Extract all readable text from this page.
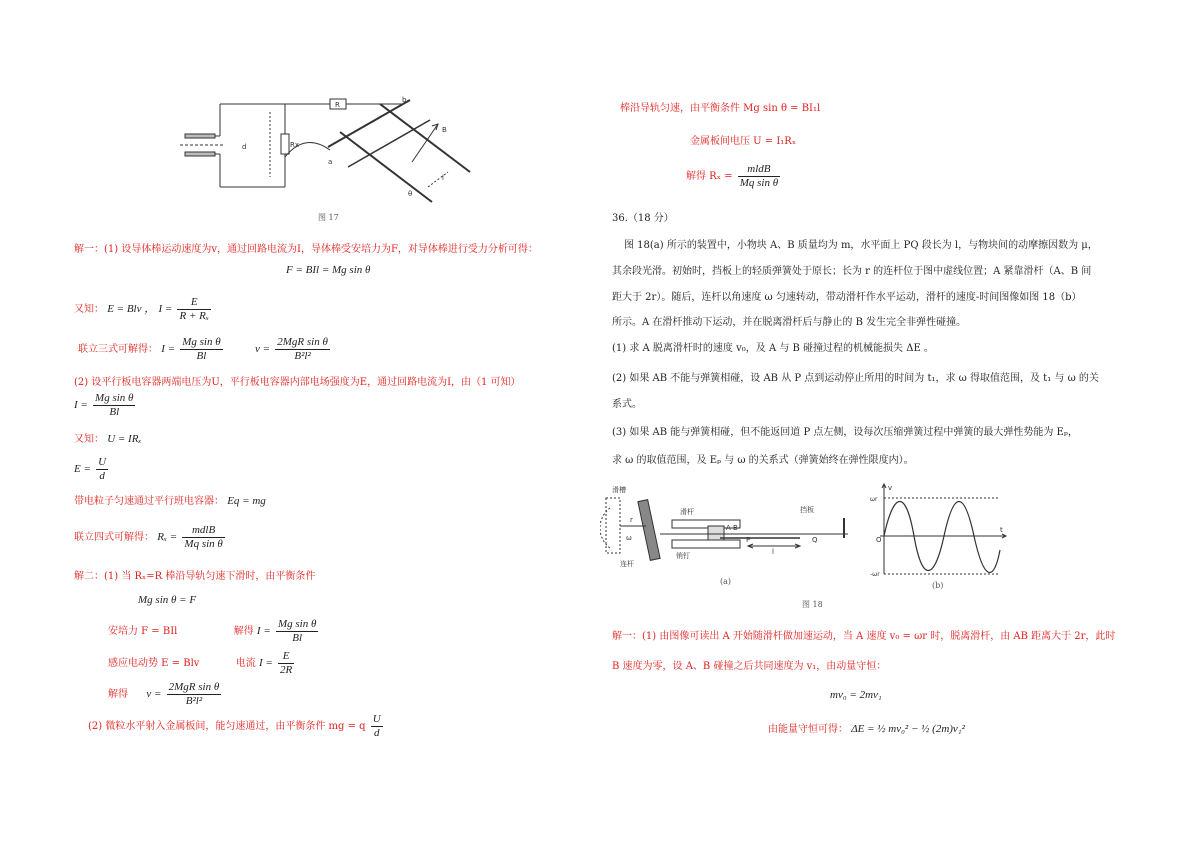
R
Rx
d
B
l
θ
b
a
图 17
解一：(1) 设导体棒运动速度为v，通过回路电流为I，导体棒受安培力为F，对导体棒进行受力分析可得：
F = BIl = Mg sin θ
又知： E = Blv ， $I = \frac{E}{\text{R + Rₓ}}$
联立三式可解得： $I = \frac{\text{Mg sin θ}}{Bl}$	$v = \frac{\text{2MgR sin θ}}{\text{B²l²}}$
(2) 设平行板电容器两端电压为U，平行板电容器内部电场强度为E，通过回路电流为I，由（1 可知）
$I = \frac{\text{Mg sin θ}}{Bl}$
又知： U = IRₓ
$E = \frac{U}{d}$
带电粒子匀速通过平行班电容器： Eq = mg
联立四式可解得： $R_x = \frac{\text{mdlB}}{\text{Mq sin θ}}$
解二：(1) 当 Rₓ=R 棒沿导轨匀速下滑时，由平衡条件
Mg sin θ = F
安培力 F = BIl	解得 $I = \frac{\text{Mg sin θ}}{Bl}$
感应电动势 E = Blv	电流 $I = \frac{E}{2R}$
解得 $v = \frac{\text{2MgR sin θ}}{\text{B²l²}}$
(2) 微粒水平射入金属板间，能匀速通过，由平衡条件 mg = q $\frac{U}{d}$
棒沿导轨匀速，由平衡条件 Mg sin θ = BI₁l
金属板间电压 U = I₁Rₓ
解得 $R_x = \frac{\text{mldB}}{\text{Mq sin θ}}$
36.（18 分）
图 18(a) 所示的装置中，小物块 A、B 质量均为 m，水平面上 PQ 段长为 l，与物块间的动摩擦因数为 μ，
其余段光滑。初始时，挡板上的轻质弹簧处于原长；长为 r 的连杆位于图中虚线位置；A 紧靠滑杆（A、B 间
距大于 2r）。随后，连杆以角速度 ω 匀速转动，带动滑杆作水平运动，滑杆的速度-时间图像如图 18（b）
所示。A 在滑杆推动下运动，并在脱离滑杆后与静止的 B 发生完全非弹性碰撞。
(1) 求 A 脱离滑杆时的速度 v₀，及 A 与 B 碰撞过程的机械能损失 ΔE 。
(2) 如果 AB 不能与弹簧相碰，设 AB 从 P 点到运动停止所用的时间为 t₁，求 ω 得取值范围，及 t₁ 与 ω 的关
系式。
(3) 如果 AB 能与弹簧相碰，但不能返回道 P 点左侧，设每次压缩弹簧过程中弹簧的最大弹性势能为 Eₚ，
求 ω 的取值范围，及 Eₚ 与 ω 的关系式（弹簧始终在弹性限度内）。
滑槽
滑杆	挡板
连杆
销钉
P	Q
l
A B
ω
r
(a)
v
t
ωr
-ωr
O
(b)
图 18
解一：(1) 由图像可读出 A 开始随滑杆做加速运动，当 A 速度 v₀ = ωr 时，脱离滑杆，由 AB 距离大于 2r，此时
B 速度为零，设 A、B 碰撞之后共同速度为 v₁，由动量守恒：
mv₀ = 2mv₁
由能量守恒可得： ΔE = ½ mv₀² − ½ (2m)v₁²
